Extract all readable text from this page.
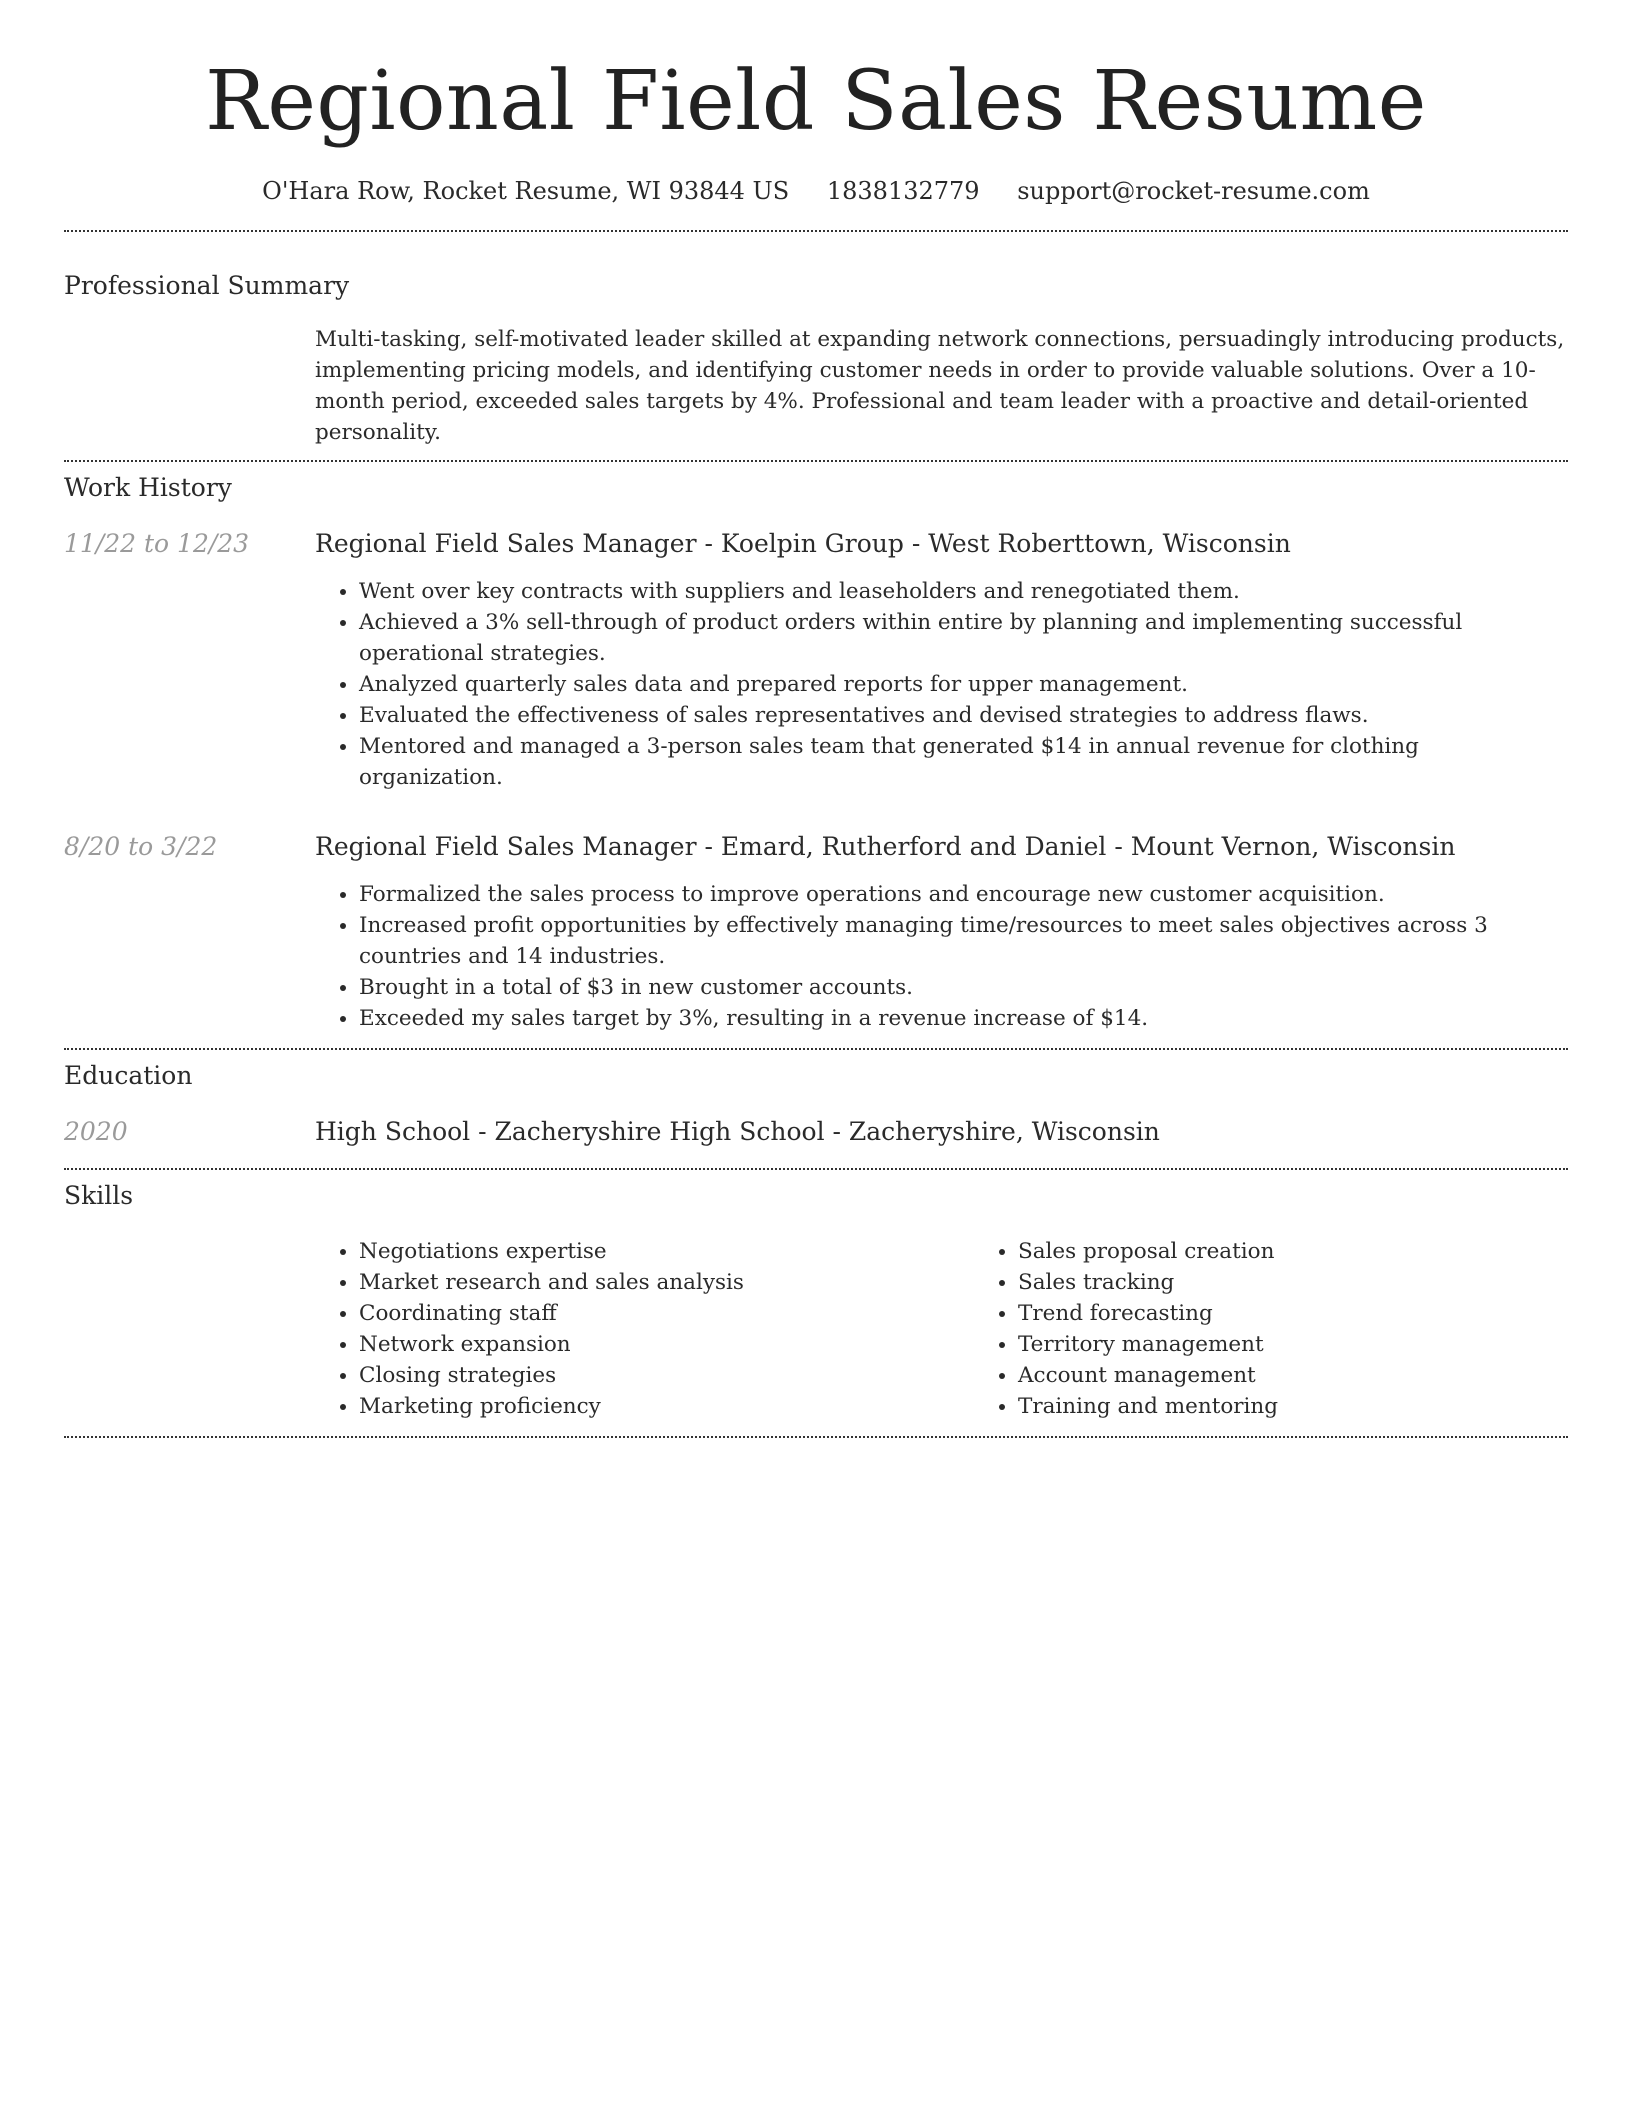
Regional Field Sales Resume
O'Hara Row, Rocket Resume, WI 93844 US 1838132779 support@rocket-resume.com
Professional Summary
Multi-tasking, self-motivated leader skilled at expanding network connections, persuadingly introducing products, implementing pricing models, and identifying customer needs in order to provide valuable solutions. Over a 10-month period, exceeded sales targets by 4%. Professional and team leader with a proactive and detail-oriented personality.
Work History
11/22 to 12/23	Regional Field Sales Manager - Koelpin Group - West Roberttown, Wisconsin
• Went over key contracts with suppliers and leaseholders and renegotiated them.
• Achieved a 3% sell-through of product orders within entire by planning and implementing successful operational strategies.
• Analyzed quarterly sales data and prepared reports for upper management.
• Evaluated the effectiveness of sales representatives and devised strategies to address flaws.
• Mentored and managed a 3-person sales team that generated $14 in annual revenue for clothing organization.
8/20 to 3/22	Regional Field Sales Manager - Emard, Rutherford and Daniel - Mount Vernon, Wisconsin
• Formalized the sales process to improve operations and encourage new customer acquisition.
• Increased profit opportunities by effectively managing time/resources to meet sales objectives across 3 countries and 14 industries.
• Brought in a total of $3 in new customer accounts.
• Exceeded my sales target by 3%, resulting in a revenue increase of $14.
Education
2020	High School - Zacheryshire High School - Zacheryshire, Wisconsin
Skills
• Negotiations expertise
• Market research and sales analysis
• Coordinating staff
• Network expansion
• Closing strategies
• Marketing proficiency
• Sales proposal creation
• Sales tracking
• Trend forecasting
• Territory management
• Account management
• Training and mentoring
